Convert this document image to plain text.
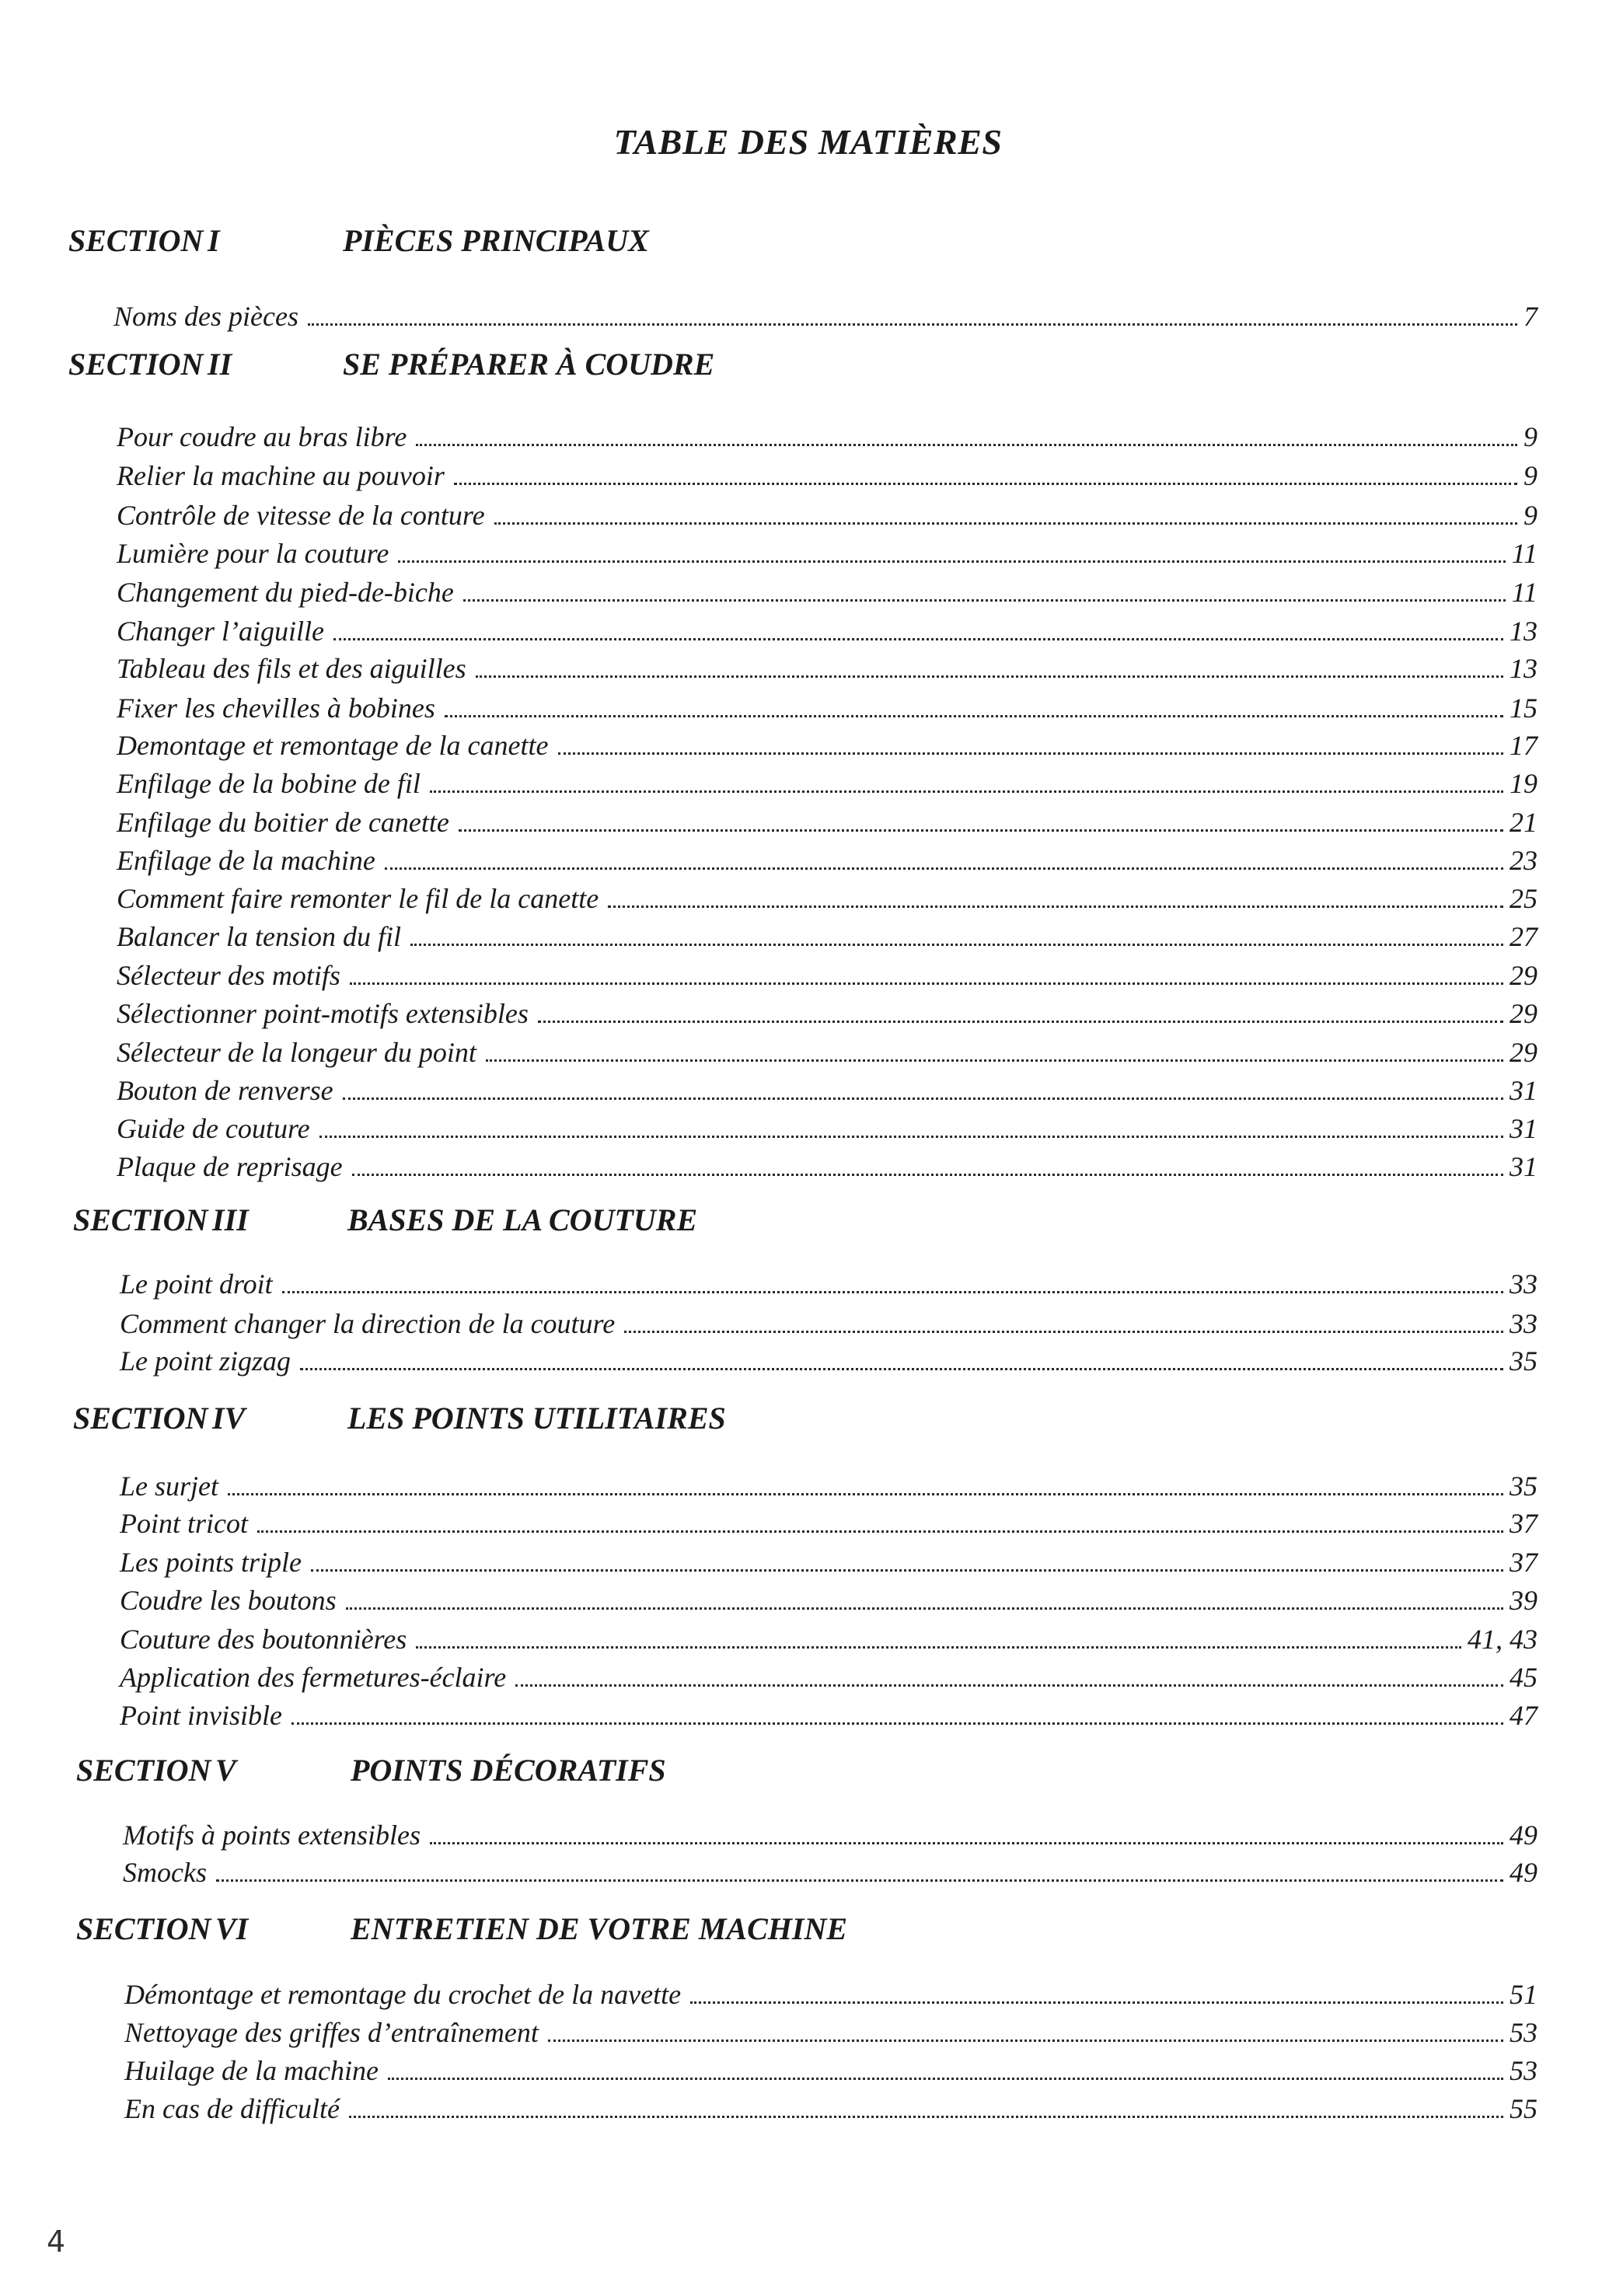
TABLE DES MATIÈRES
SECTION I	PIÈCES PRINCIPAUX
Noms des pièces	7
SECTION II	SE PRÉPARER À COUDRE
Pour coudre au bras libre	9
Relier la machine au pouvoir	9
Contrôle de vitesse de la conture	9
Lumière pour la couture	11
Changement du pied-de-biche	11
Changer l’aiguille	13
Tableau des fils et des aiguilles	13
Fixer les chevilles à bobines	15
Demontage et remontage de la canette	17
Enfilage de la bobine de fil	19
Enfilage du boitier de canette	21
Enfilage de la machine	23
Comment faire remonter le fil de la canette	25
Balancer la tension du fil	27
Sélecteur des motifs	29
Sélectionner point-motifs extensibles	29
Sélecteur de la longeur du point	29
Bouton de renverse	31
Guide de couture	31
Plaque de reprisage	31
SECTION III	BASES DE LA COUTURE
Le point droit	33
Comment changer la direction de la couture	33
Le point zigzag	35
SECTION IV	LES POINTS UTILITAIRES
Le surjet	35
Point tricot	37
Les points triple	37
Coudre les boutons	39
Couture des boutonnières	41, 43
Application des fermetures-éclaire	45
Point invisible	47
SECTION V	POINTS DÉCORATIFS
Motifs à points extensibles	49
Smocks	49
SECTION VI	ENTRETIEN DE VOTRE MACHINE
Démontage et remontage du crochet de la navette	51
Nettoyage des griffes d’entraînement	53
Huilage de la machine	53
En cas de difficulté	55
4
